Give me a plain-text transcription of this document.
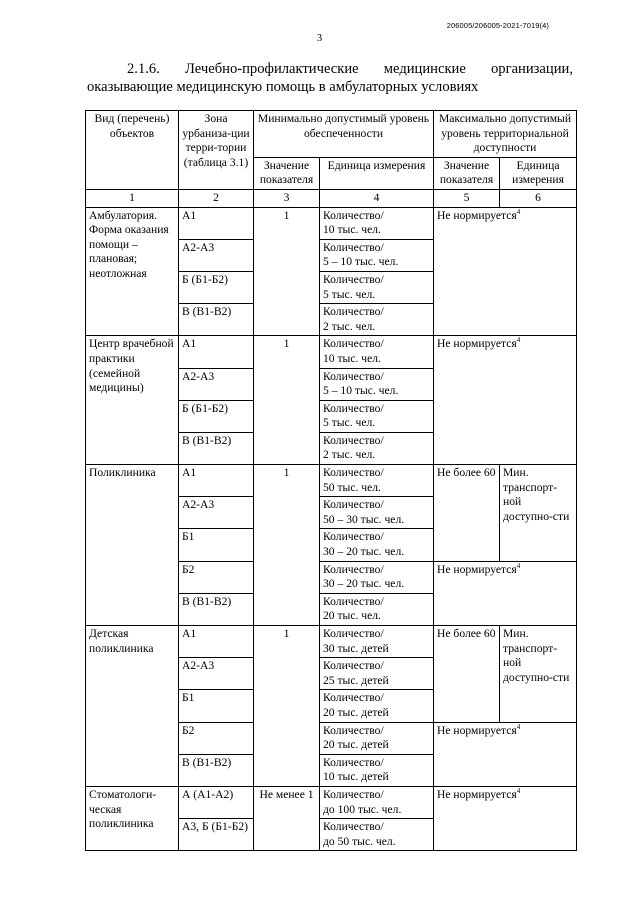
206005/206005-2021-7019(4)
3
2.1.6. Лечебно-профилактические медицинские организации,
оказывающие медицинскую помощь в амбулаторных условиях
Вид (перечень) объектов	Зона урбаниза-ции терри-тории (таблица 3.1)	Минимально допустимый уровень обеспеченности		Максимально допустимый уровень территориальной доступности	
		Значение показателя	Единица измерения	Значение показателя	Единица измерения
1	2	3	4	5	6
Амбулатория. Форма оказания помощи – плановая; неотложная	А1	1	Количество/
10 тыс. чел.	Не нормируется$^4$
	А2-А3		Количество/
5 – 10 тыс. чел.		

	Б (Б1-Б2)		Количество/
5 тыс. чел.		

	В (В1-В2)		Количество/
2 тыс. чел.		

Центр врачебной практики (семейной медицины)	А1	1	Количество/
10 тыс. чел.	Не нормируется$^4$
	А2-А3		Количество/
5 – 10 тыс. чел.		

	Б (Б1-Б2)		Количество/
5 тыс. чел.		

	В (В1-В2)		Количество/
2 тыс. чел.		

Поликлиника	А1	1	Количество/
50 тыс. чел.	Не более 60	Мин. транспорт-ной доступно-сти
	А2-А3		Количество/
50 – 30 тыс. чел.		

	Б1		Количество/
30 – 20 тыс. чел.		

	Б2		Количество/
30 – 20 тыс. чел.	Не нормируется$^4$
	В (В1-В2)		Количество/
20 тыс. чел.		

Детская поликлиника	А1	1	Количество/
30 тыс. детей	Не более 60	Мин. транспорт-ной доступно-сти
	А2-А3		Количество/
25 тыс. детей		

	Б1		Количество/
20 тыс. детей		

	Б2		Количество/
20 тыс. детей	Не нормируется$^4$
	В (В1-В2)		Количество/
10 тыс. детей		

Стоматологи-ческая поликлиника	А (А1-А2)	Не менее 1	Количество/
до 100 тыс. чел.	Не нормируется$^4$
	А3, Б (Б1-Б2)		Количество/
до 50 тыс. чел.		
